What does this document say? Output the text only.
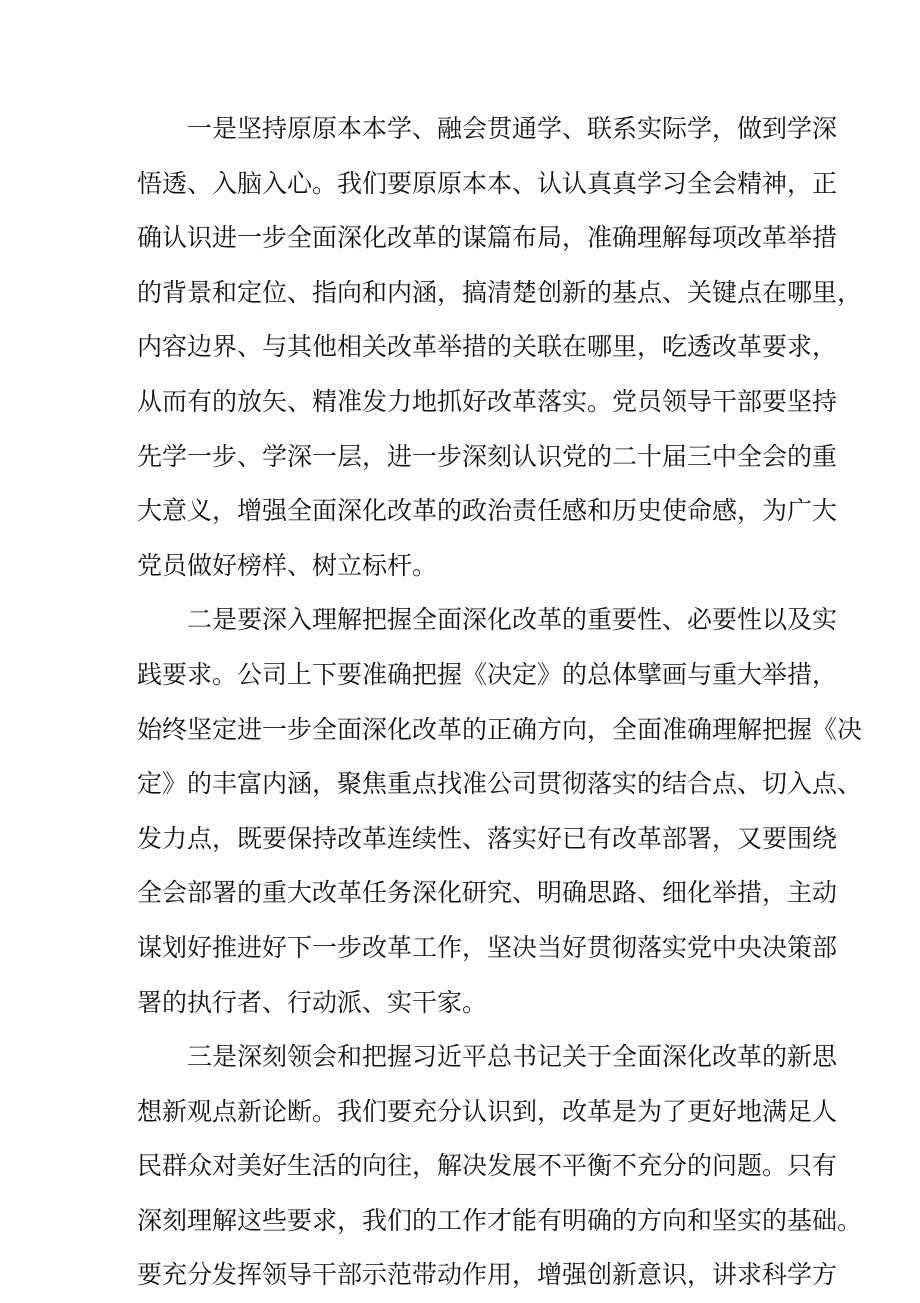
一是坚持原原本本学、融会贯通学、联系实际学，做到学深
悟透、入脑入心。我们要原原本本、认认真真学习全会精神，正
确认识进一步全面深化改革的谋篇布局，准确理解每项改革举措
的背景和定位、指向和内涵，搞清楚创新的基点、关键点在哪里，
内容边界、与其他相关改革举措的关联在哪里，吃透改革要求，
从而有的放矢、精准发力地抓好改革落实。党员领导干部要坚持
先学一步、学深一层，进一步深刻认识党的二十届三中全会的重
大意义，增强全面深化改革的政治责任感和历史使命感，为广大
党员做好榜样、树立标杆。
二是要深入理解把握全面深化改革的重要性、必要性以及实
践要求。公司上下要准确把握《决定》的总体擘画与重大举措，
始终坚定进一步全面深化改革的正确方向，全面准确理解把握《决
定》的丰富内涵，聚焦重点找准公司贯彻落实的结合点、切入点、
发力点，既要保持改革连续性、落实好已有改革部署，又要围绕
全会部署的重大改革任务深化研究、明确思路、细化举措，主动
谋划好推进好下一步改革工作，坚决当好贯彻落实党中央决策部
署的执行者、行动派、实干家。
三是深刻领会和把握习近平总书记关于全面深化改革的新思
想新观点新论断。我们要充分认识到，改革是为了更好地满足人
民群众对美好生活的向往，解决发展不平衡不充分的问题。只有
深刻理解这些要求，我们的工作才能有明确的方向和坚实的基础。
要充分发挥领导干部示范带动作用，增强创新意识，讲求科学方
